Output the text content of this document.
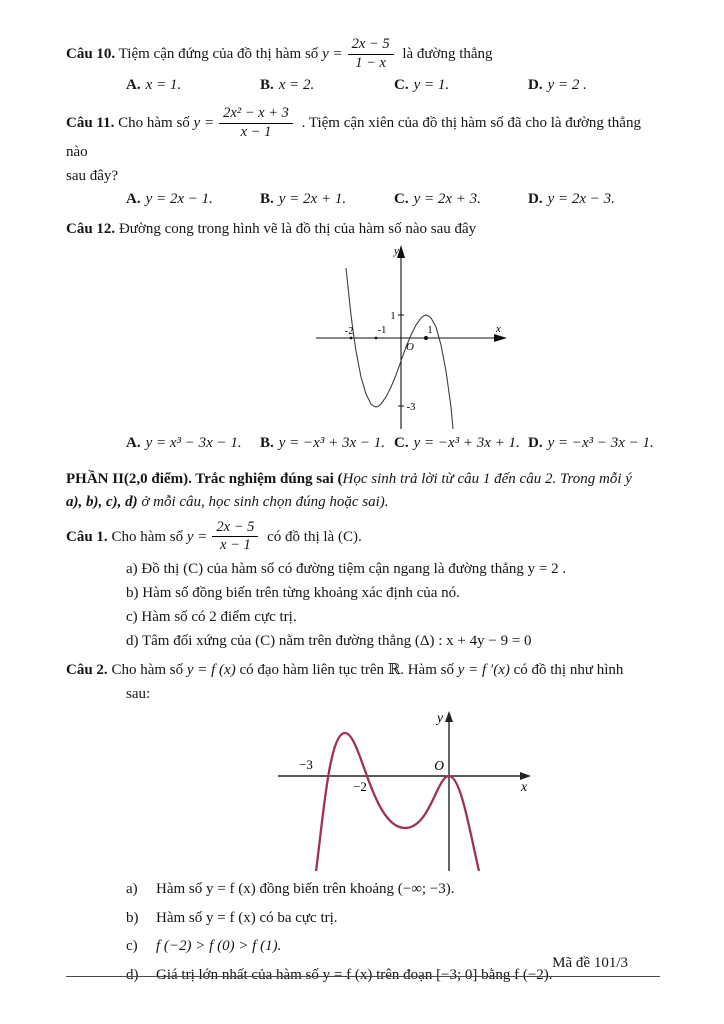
Câu 10. Tiệm cận đứng của đồ thị hàm số $y = \frac{2x - 5}{1 - x}$ là đường thẳng
A. x = 1.	B. x = 2.	C. y = 1.	D. y = 2 .
Câu 11. Cho hàm số $y = \frac{\text{2x² − x + 3}}{x - 1}$ . Tiệm cận xiên của đồ thị hàm số đã cho là đường thẳng nào
sau đây?
A. y = 2x − 1.	B. y = 2x + 1.	C. y = 2x + 3.	D. y = 2x − 3.
Câu 12. Đường cong trong hình vẽ là đồ thị của hàm số nào sau đây
-2 -1	1
1
-3
O
y
x
A. y = x³ − 3x − 1.	B. y = −x³ + 3x − 1. C. y = −x³ + 3x + 1. D. y = −x³ − 3x − 1.
PHẦN II(2,0 điểm). Trắc nghiệm đúng sai (Học sinh trả lời từ câu 1 đến câu 2. Trong mỗi ý
a), b), c), d) ở mỗi câu, học sinh chọn đúng hoặc sai).
Câu 1. Cho hàm số $y = \frac{2x - 5}{x - 1}$ có đồ thị là (C).
a) Đồ thị (C) của hàm số có đường tiệm cận ngang là đường thẳng y = 2 .
b) Hàm số đồng biến trên từng khoảng xác định của nó.
c) Hàm số có 2 điểm cực trị.
d) Tâm đối xứng của (C) nằm trên đường thẳng (Δ) : x + 4y − 9 = 0
Câu 2. Cho hàm số y = f (x) có đạo hàm liên tục trên ℝ. Hàm số y = f ′(x) có đồ thị như hình
sau:
−3
−2
O
y
x
a) Hàm số y = f (x) đồng biến trên khoảng (−∞; −3).
b) Hàm số y = f (x) có ba cực trị.
c) f (−2) > f (0) > f (1).
d) Giá trị lớn nhất của hàm số y = f (x) trên đoạn [−3; 0] bằng f (−2).
Mã đề 101/3
